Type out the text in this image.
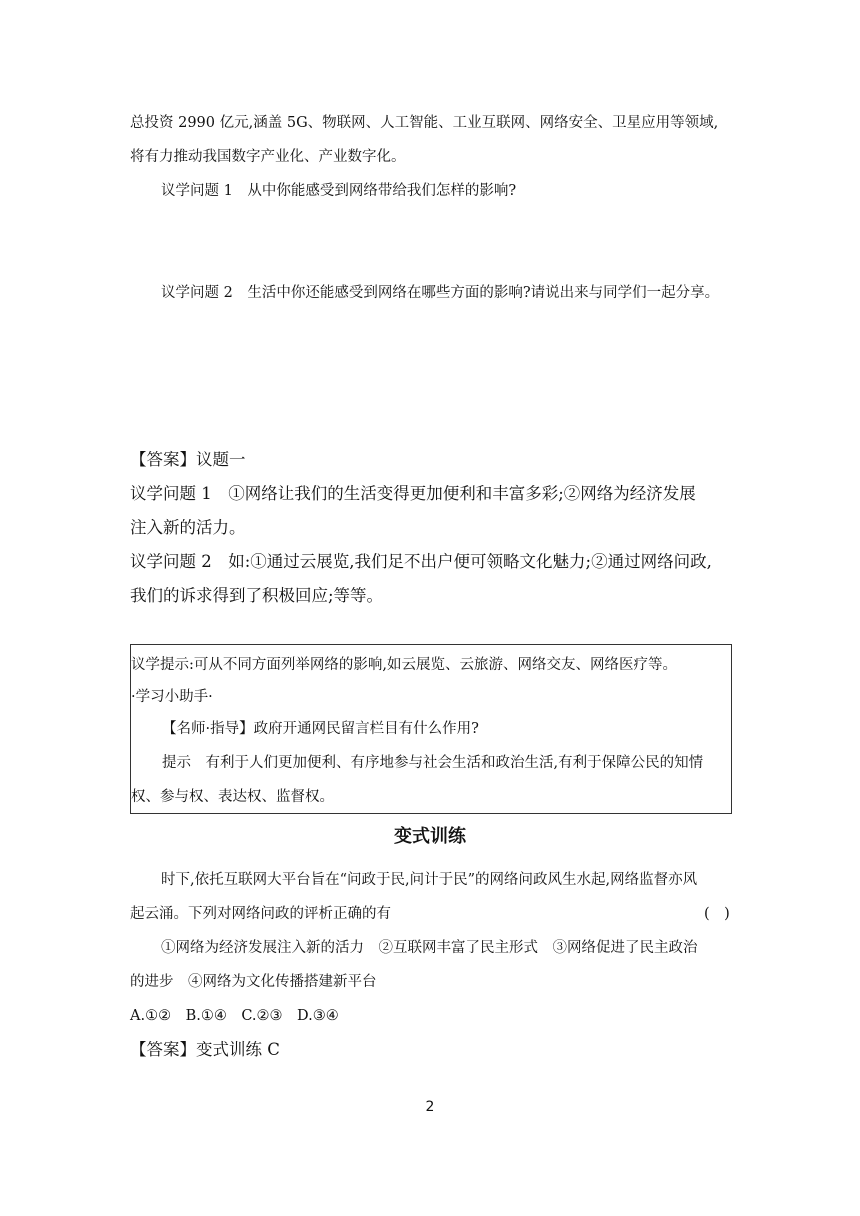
总投资 2990 亿元,涵盖 5G、物联网、人工智能、工业互联网、网络安全、卫星应用等领域,
将有力推动我国数字产业化、产业数字化。
议学问题 1　从中你能感受到网络带给我们怎样的影响?
议学问题 2　生活中你还能感受到网络在哪些方面的影响?请说出来与同学们一起分享。
【答案】议题一
议学问题 1　①网络让我们的生活变得更加便利和丰富多彩;②网络为经济发展
注入新的活力。
议学问题 2　如:①通过云展览,我们足不出户便可领略文化魅力;②通过网络问政,
我们的诉求得到了积极回应;等等。
议学提示:可从不同方面列举网络的影响,如云展览、云旅游、网络交友、网络医疗等。
·学习小助手·
【名师·指导】政府开通网民留言栏目有什么作用?
提示　有利于人们更加便利、有序地参与社会生活和政治生活,有利于保障公民的知情
权、参与权、表达权、监督权。
变式训练
时下,依托互联网大平台旨在“问政于民,问计于民”的网络问政风生水起,网络监督亦风
起云涌。下列对网络问政的评析正确的有	(　)
①网络为经济发展注入新的活力　②互联网丰富了民主形式　③网络促进了民主政治
的进步　④网络为文化传播搭建新平台
A.①②　B.①④　C.②③　D.③④
【答案】变式训练 C
2
